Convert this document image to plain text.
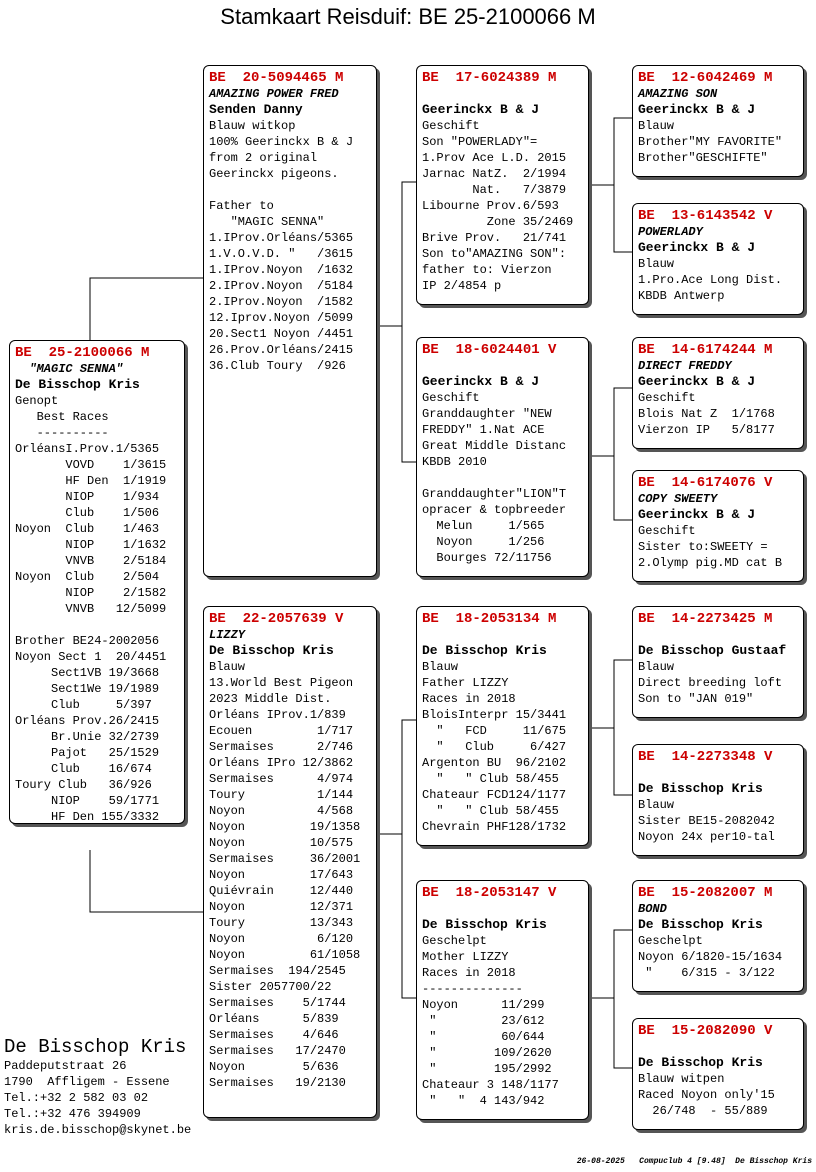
Stamkaart Reisduif: BE 25-2100066 M
BE  25-2100066 M
"MAGIC SENNA"
De Bisschop Kris
Genopt
Best Races
----------
OrléansI.Prov.1/5365
VOVD    1/3615
HF Den  1/1919
NIOP    1/934
Club    1/506
Noyon  Club    1/463
NIOP    1/1632
VNVB    2/5184
Noyon  Club    2/504
NIOP    2/1582
VNVB   12/5099
Brother BE24-2002056
Noyon Sect 1  20/4451
Sect1VB 19/3668
Sect1We 19/1989
Club     5/397
Orléans Prov.26/2415
Br.Unie 32/2739
Pajot   25/1529
Club    16/674
Toury Club   36/926
NIOP    59/1771
HF Den 155/3332
BE  20-5094465 M
AMAZING POWER FRED
Senden Danny
Blauw witkop
100% Geerinckx B & J
from 2 original
Geerinckx pigeons.
Father to
"MAGIC SENNA"
1.IProv.Orléans/5365
1.V.O.V.D. "   /3615
1.IProv.Noyon  /1632
2.IProv.Noyon  /5184
2.IProv.Noyon  /1582
12.Iprov.Noyon /5099
20.Sect1 Noyon /4451
26.Prov.Orléans/2415
36.Club Toury  /926
BE  22-2057639 V
LIZZY
De Bisschop Kris
Blauw
13.World Best Pigeon
2023 Middle Dist.
Orléans IProv.1/839
Ecouen         1/717
Sermaises      2/746
Orléans IPro 12/3862
Sermaises      4/974
Toury          1/144
Noyon          4/568
Noyon         19/1358
Noyon         10/575
Sermaises     36/2001
Noyon         17/643
Quiévrain     12/440
Noyon         12/371
Toury         13/343
Noyon          6/120
Noyon         61/1058
Sermaises  194/2545
Sister 2057700/22
Sermaises    5/1744
Orléans      5/839
Sermaises    4/646
Sermaises   17/2470
Noyon        5/636
Sermaises   19/2130
BE  17-6024389 M
Geerinckx B & J
Geschift
Son "POWERLADY"=
1.Prov Ace L.D. 2015
Jarnac NatZ.  2/1994
Nat.   7/3879
Libourne Prov.6/593
Zone 35/2469
Brive Prov.   21/741
Son to"AMAZING SON":
father to: Vierzon
IP 2/4854 p
BE  18-6024401 V
Geerinckx B & J
Geschift
Granddaughter "NEW
FREDDY" 1.Nat ACE
Great Middle Distanc
KBDB 2010
Granddaughter"LION"T
opracer & topbreeder
Melun     1/565
Noyon     1/256
Bourges 72/11756
BE  18-2053134 M
De Bisschop Kris
Blauw
Father LIZZY
Races in 2018
BloisInterpr 15/3441
"   FCD     11/675
"   Club     6/427
Argenton BU  96/2102
"   " Club 58/455
Chateaur FCD124/1177
"   " Club 58/455
Chevrain PHF128/1732
BE  18-2053147 V
De Bisschop Kris
Geschelpt
Mother LIZZY
Races in 2018
--------------
Noyon      11/299
"         23/612
"         60/644
"        109/2620
"        195/2992
Chateaur 3 148/1177
"   "  4 143/942
BE  12-6042469 M
AMAZING SON
Geerinckx B & J
Blauw
Brother"MY FAVORITE"
Brother"GESCHIFTE"
BE  13-6143542 V
POWERLADY
Geerinckx B & J
Blauw
1.Pro.Ace Long Dist.
KBDB Antwerp
BE  14-6174244 M
DIRECT FREDDY
Geerinckx B & J
Geschift
Blois Nat Z  1/1768
Vierzon IP   5/8177
BE  14-6174076 V
COPY SWEETY
Geerinckx B & J
Geschift
Sister to:SWEETY =
2.Olymp pig.MD cat B
BE  14-2273425 M
De Bisschop Gustaaf
Blauw
Direct breeding loft
Son to "JAN 019"
BE  14-2273348 V
De Bisschop Kris
Blauw
Sister BE15-2082042
Noyon 24x per10-tal
BE  15-2082007 M
BOND
De Bisschop Kris
Geschelpt
Noyon 6/1820-15/1634
"    6/315 - 3/122
BE  15-2082090 V
De Bisschop Kris
Blauw witpen
Raced Noyon only'15
26/748  - 55/889
De Bisschop Kris
Paddeputstraat 26
1790  Affligem - Essene
Tel.:+32 2 582 03 02
Tel.:+32 476 394909
kris.de.bisschop@skynet.be
26-08-2025   Compuclub 4 [9.48]  De Bisschop Kris
